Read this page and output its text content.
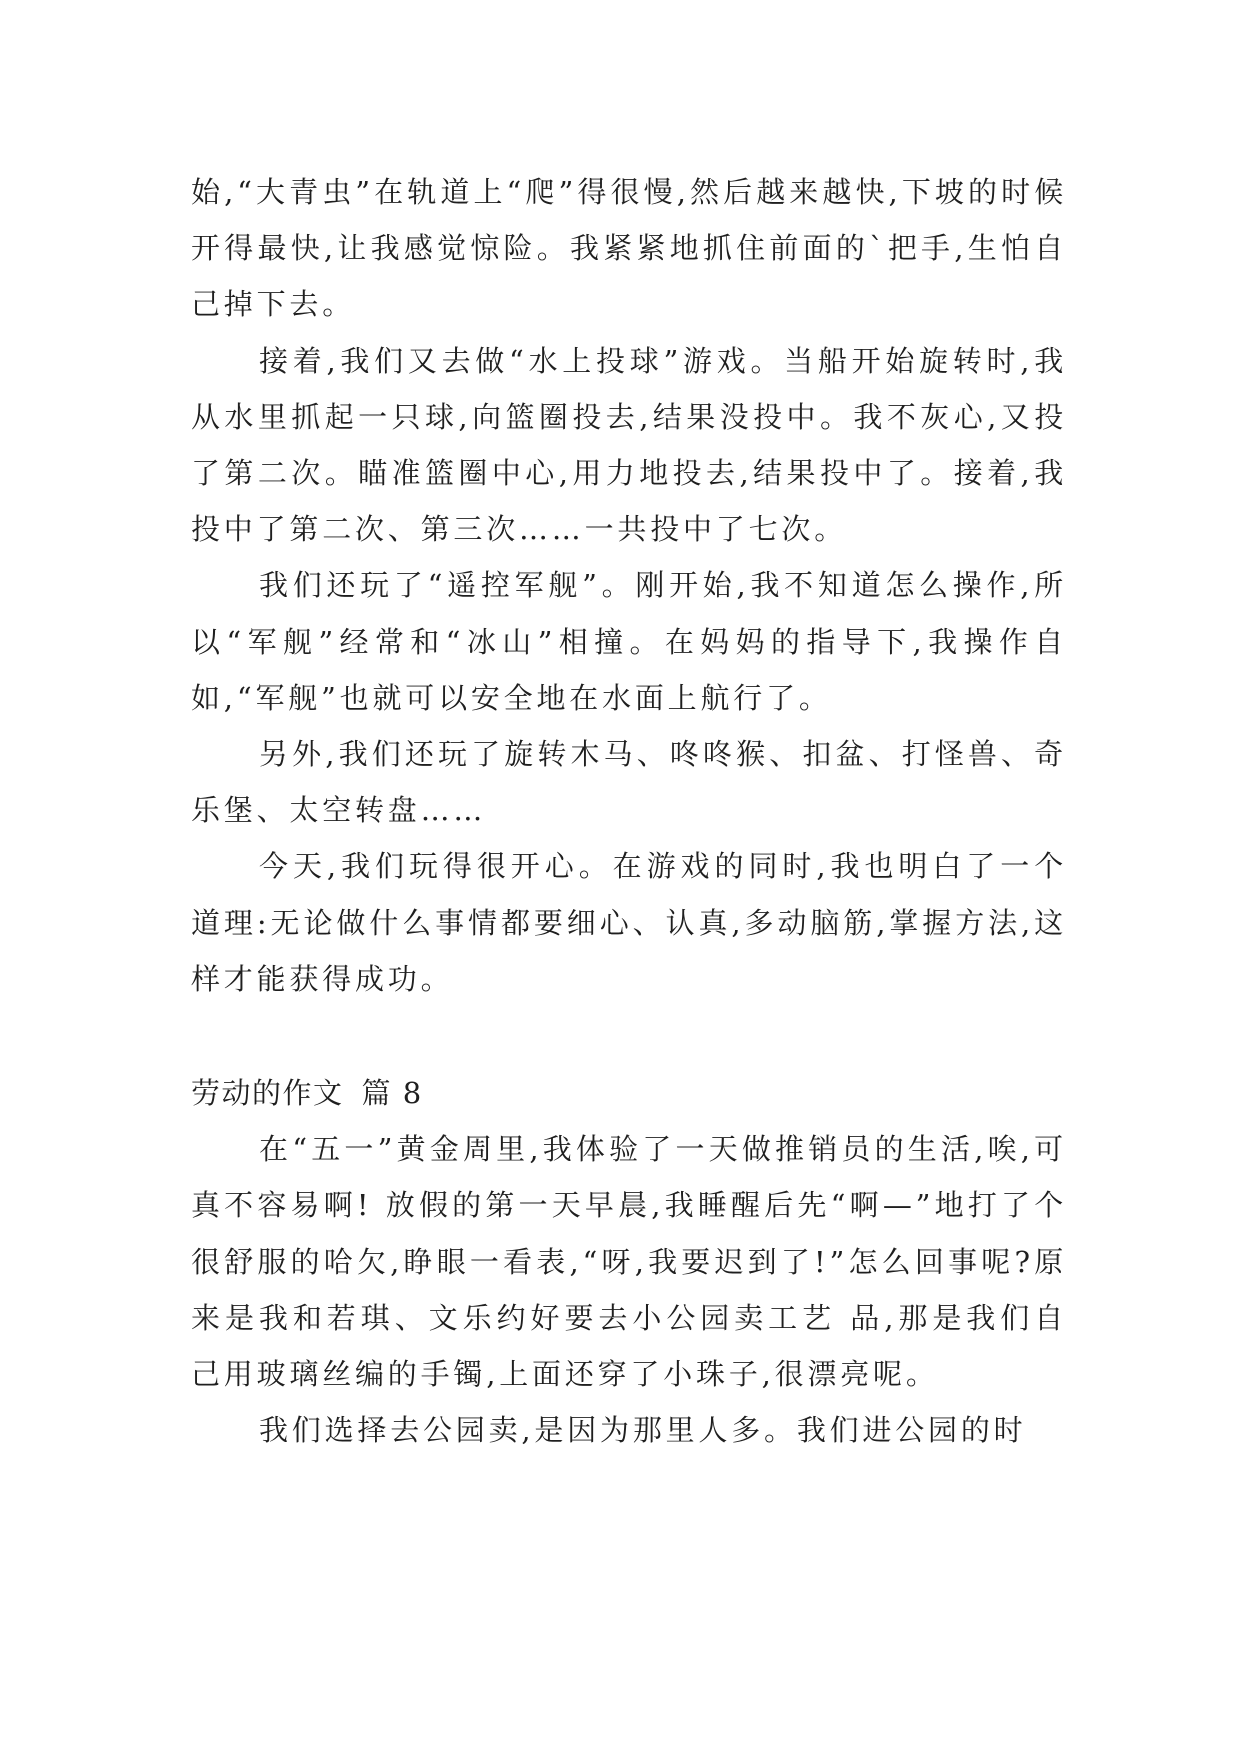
始,“大青虫”在轨道上“爬”得很慢,然后越来越快,下坡的时候开得最快,让我感觉惊险。我紧紧地抓住前面的`把手,生怕自己掉下去。

接着,我们又去做“水上投球”游戏。当船开始旋转时,我从水里抓起一只球,向篮圈投去,结果没投中。我不灰心,又投了第二次。瞄准篮圈中心,用力地投去,结果投中了。接着,我投中了第二次、第三次……一共投中了七次。

我们还玩了“遥控军舰”。刚开始,我不知道怎么操作,所以“军舰”经常和“冰山”相撞。在妈妈的指导下,我操作自如,“军舰”也就可以安全地在水面上航行了。

另外,我们还玩了旋转木马、咚咚猴、扣盆、打怪兽、奇乐堡、太空转盘……

今天,我们玩得很开心。在游戏的同时,我也明白了一个道理:无论做什么事情都要细心、认真,多动脑筋,掌握方法,这样才能获得成功。

劳动的作文 篇 8

在“五一”黄金周里,我体验了一天做推销员的生活,唉,可真不容易啊! 放假的第一天早晨,我睡醒后先“啊—”地打了个很舒服的哈欠,睁眼一看表,“呀,我要迟到了!”怎么回事呢?原来是我和若琪、文乐约好要去小公园卖工艺 品,那是我们自己用玻璃丝编的手镯,上面还穿了小珠子,很漂亮呢。

我们选择去公园卖,是因为那里人多。我们进公园的时
